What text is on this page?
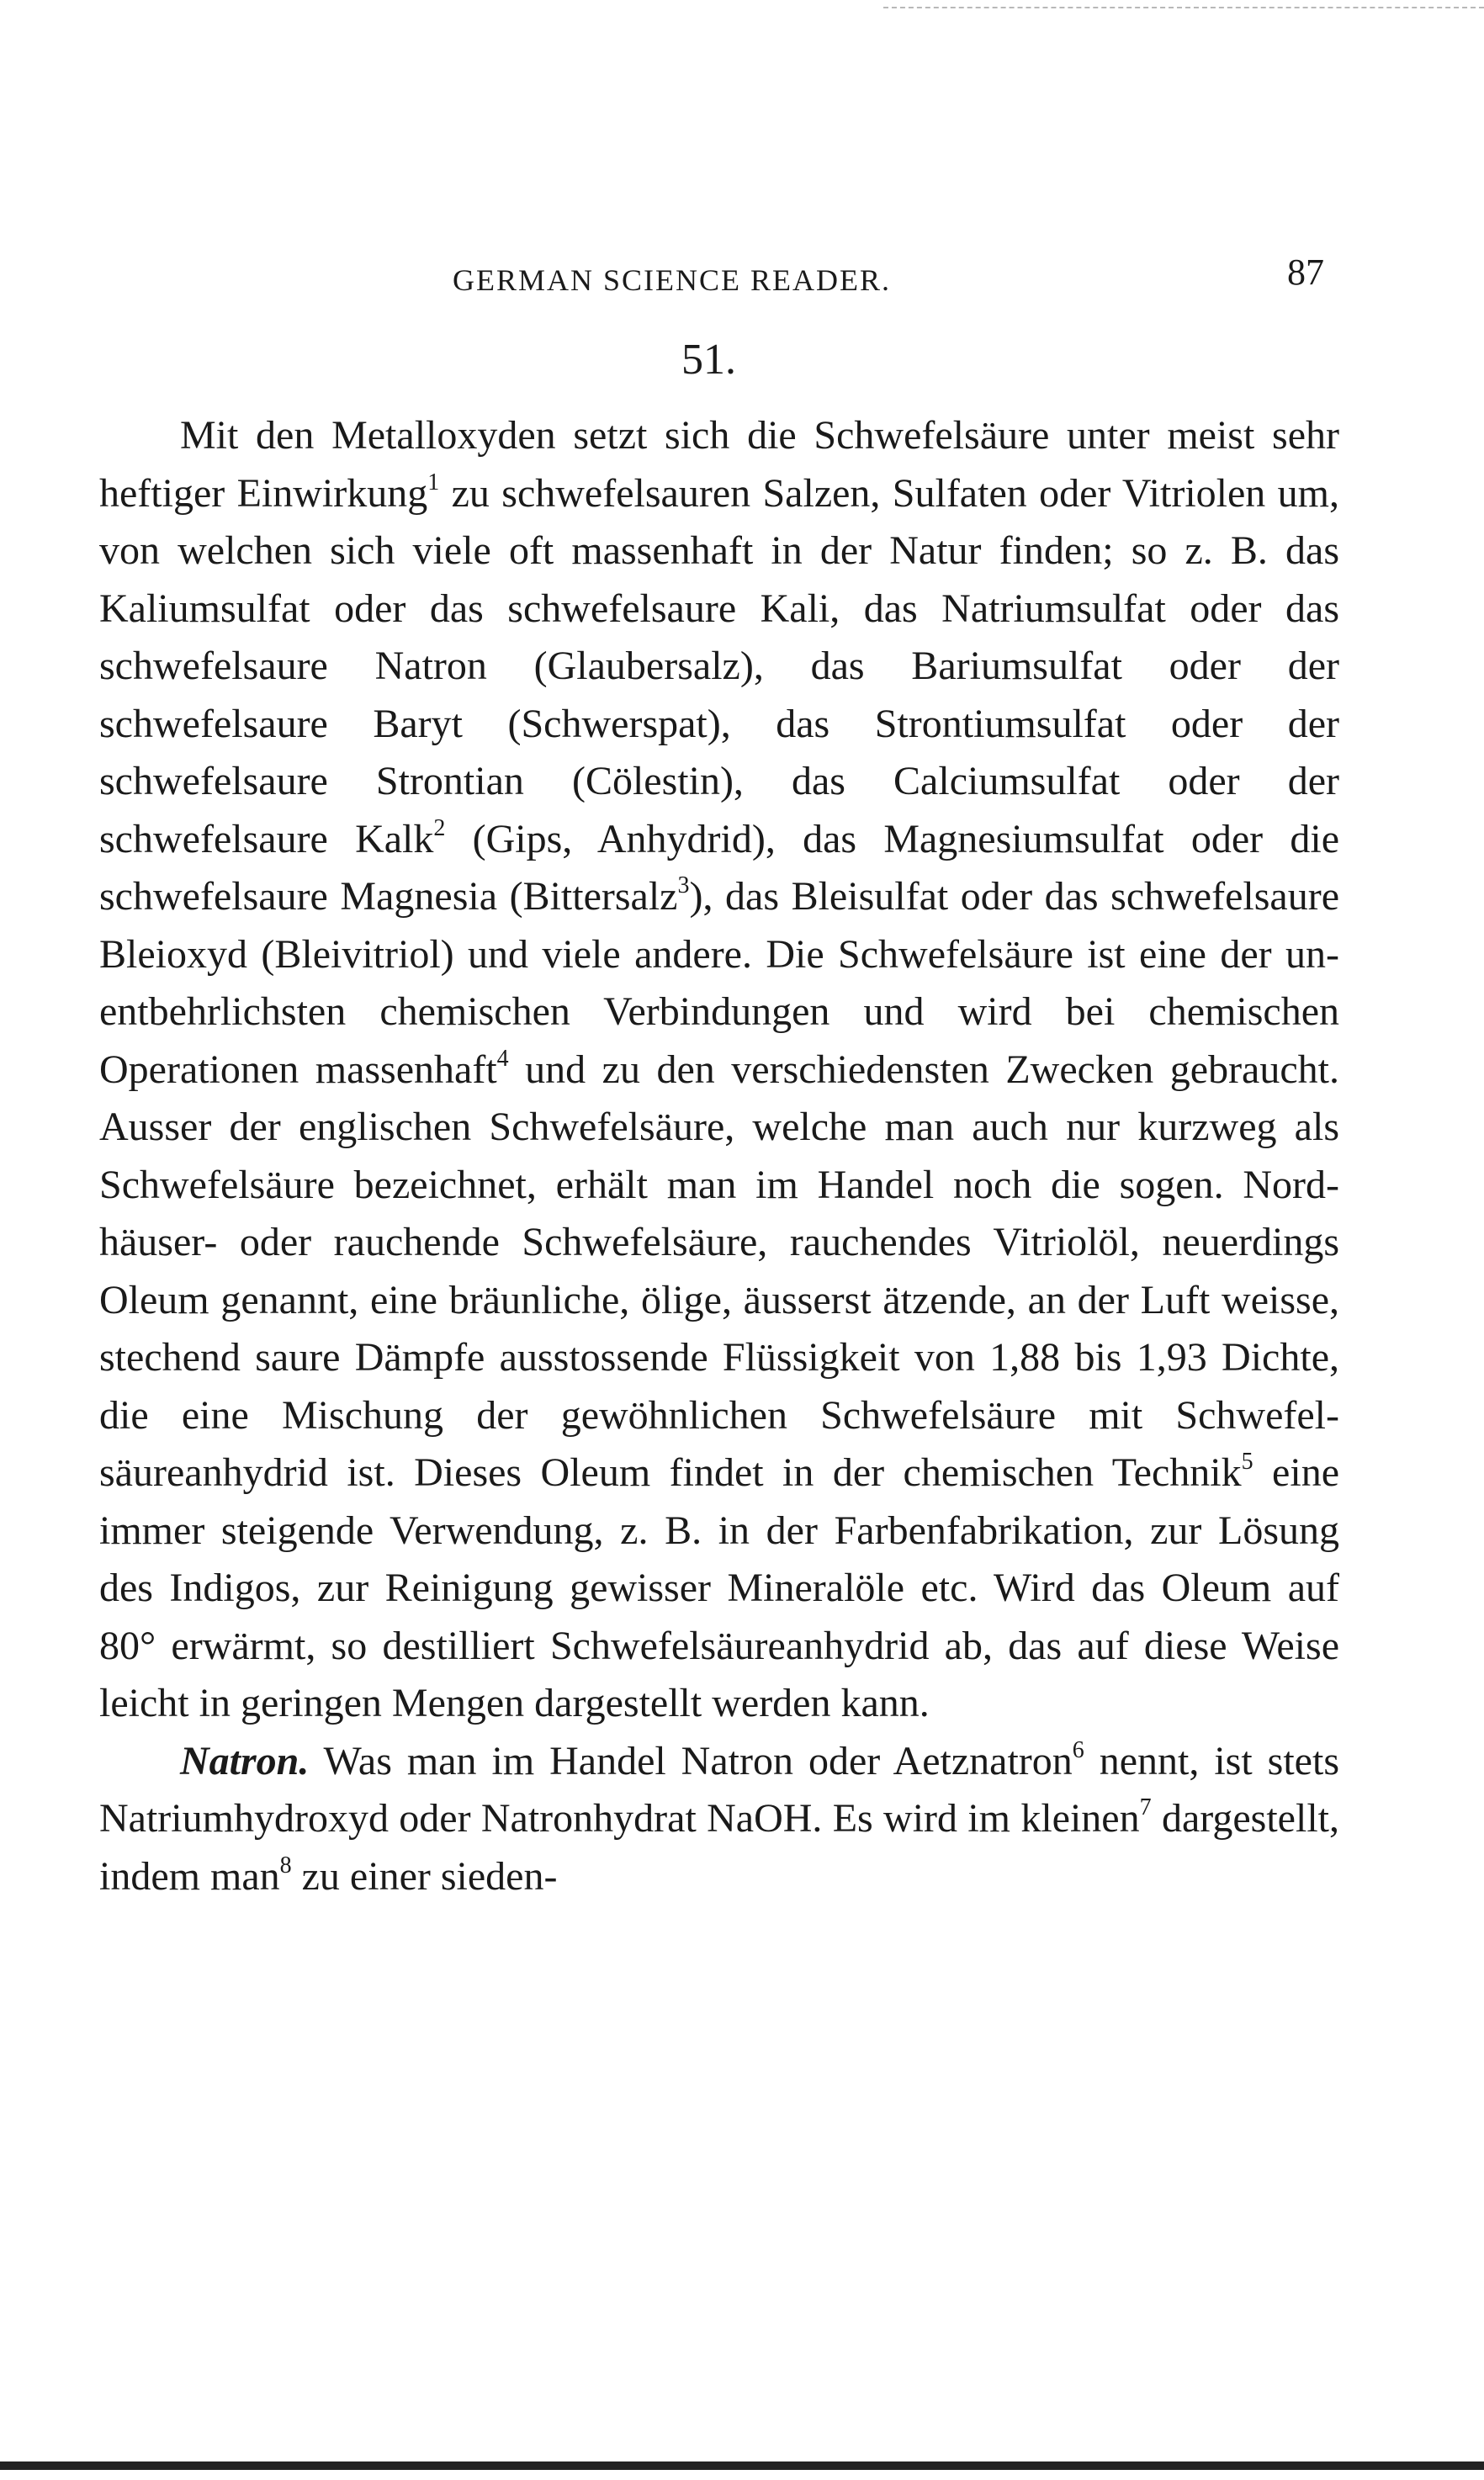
GERMAN SCIENCE READER.	87
51.

Mit den Metalloxyden setzt sich die Schwefelsäure unter meist sehr heftiger Einwirkung$^1$ zu schwefelsauren Salzen, Sulfaten oder Vitriolen um, von welchen sich viele oft massenhaft in der Natur finden; so z. B. das Kaliumsulfat oder das schwefelsaure Kali, das Natriumsulfat oder das schwefelsaure Natron (Glaubersalz), das Bariumsulfat oder der schwefelsaure Baryt (Schwerspat), das Strontiumsulfat oder der schwefelsaure Strontian (Cölestin), das Calciumsulfat oder der schwefelsaure Kalk$^2$ (Gips, Anhydrid), das Magnesiumsulfat oder die schwefelsaure Magnesia (Bittersalz$^3$), das Bleisulfat oder das schwefelsaure Bleioxyd (Bleivitriol) und viele andere. Die Schwefelsäure ist eine der unentbehrlichsten chemischen Verbindungen und wird bei chemischen Operationen massenhaft$^4$ und zu den verschiedensten Zwecken gebraucht. Ausser der englischen Schwefelsäure, welche man auch nur kurzweg als Schwefelsäure bezeichnet, erhält man im Handel noch die sogen. Nordhäuser- oder rauchende Schwefelsäure, rauchendes Vitriolöl, neuerdings Oleum genannt, eine bräunliche, ölige, äusserst ätzende, an der Luft weisse, stechend saure Dämpfe ausstossende Flüssigkeit von 1,88 bis 1,93 Dichte, die eine Mischung der gewöhnlichen Schwefelsäure mit Schwefelsäureanhydrid ist. Dieses Oleum findet in der chemischen Technik$^5$ eine immer steigende Verwendung, z. B. in der Farbenfabrikation, zur Lösung des Indigos, zur Reinigung gewisser Mineralöle etc. Wird das Oleum auf 80° erwärmt, so destilliert Schwefelsäureanhydrid ab, das auf diese Weise leicht in geringen Mengen dargestellt werden kann.

Natron. Was man im Handel Natron oder Aetznatron$^6$ nennt, ist stets Natriumhydroxyd oder Natronhydrat NaOH. Es wird im kleinen$^7$ dargestellt, indem man$^8$ zu einer sieden-
